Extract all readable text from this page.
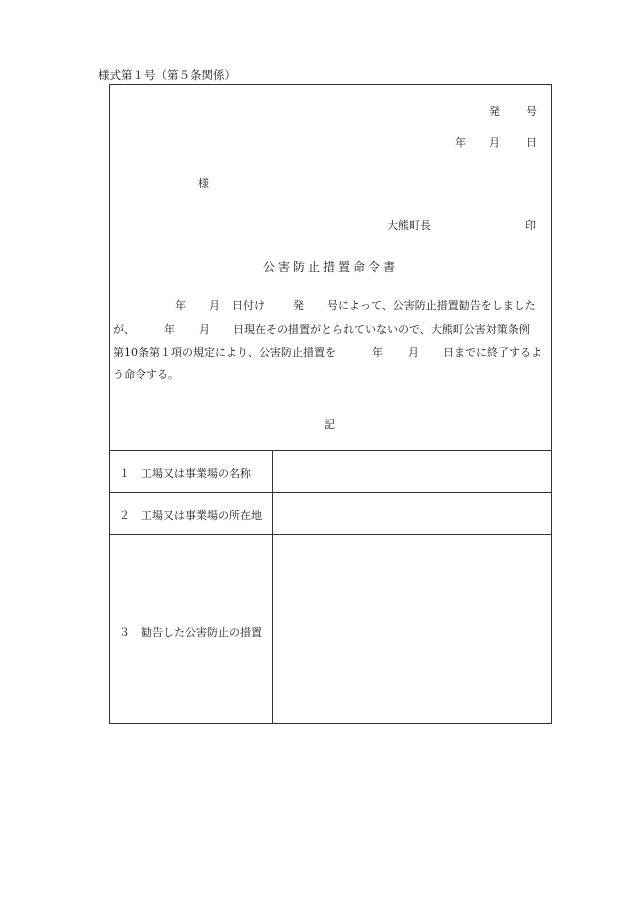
様式第１号（第５条関係）
発 号
年 月 日
様
大熊町長	印
公害防止措置命令書
年 月 日付け	発 号によって、公害防止措置勧告をしました
が、	年 月 日現在その措置がとられていないので、大熊町公害対策条例
第10条第１項の規定により、公害防止措置を	年 月 日までに終了するよ
う命令する。
記
１　工場又は事業場の名称
２　工場又は事業場の所在地
３　勧告した公害防止の措置
